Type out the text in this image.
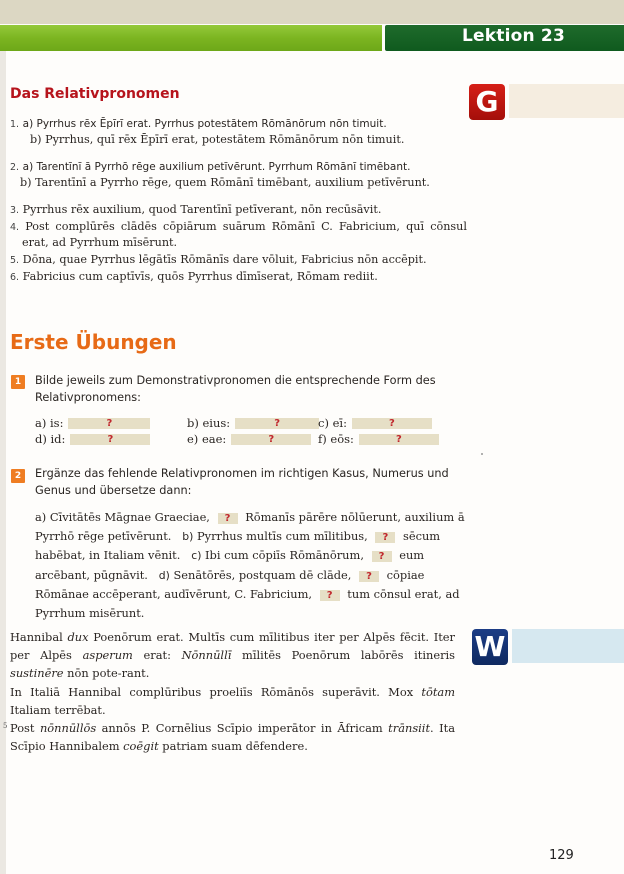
Lektion 23
G
Das Relativpronomen
1. a) Pyrrhus rēx Ēpīrī erat. Pyrrhus potestātem Rōmānōrum nōn timuit.
b) Pyrrhus, quī rēx Ēpīrī erat, potestātem Rōmānōrum nōn timuit.
2. a) Tarentīnī ā Pyrrhō rēge auxilium petīvērunt. Pyrrhum Rōmānī timēbant.
b) Tarentīnī a Pyrrho rēge, quem Rōmānī timēbant, auxilium petīvērunt.
3. Pyrrhus rēx auxilium, quod Tarentīnī petīverant, nōn recūsāvit.
4. Post complūrēs clādēs cōpiārum suārum Rōmānī C. Fabricium, quī cōnsul
erat, ad Pyrrhum mīsērunt.
5. Dōna, quae Pyrrhus lēgātīs Rōmānīs dare vōluit, Fabricius nōn accēpit.
6. Fabricius cum captīvīs, quōs Pyrrhus dīmīserat, Rōmam rediit.
Erste Übungen
1	Bilde jeweils zum Demonstrativpronomen die entsprechende Form des
Relativpronomens:
a) is:	?	b) eius:	?	c) eī:	?
d) id:	?	e) eae:	?	f) eōs:	?
2	Ergänze das fehlende Relativpronomen im richtigen Kasus, Numerus und
Genus und übersetze dann:
a) Cīvitātēs Māgnae Graeciae, ? Rōmanīs pārēre nōlūerunt, auxilium ā
Pyrrhō rēge petīvērunt. b) Pyrrhus multīs cum mīlitibus, ? sēcum
habēbat, in Italiam vēnit. c) Ibi cum cōpiīs Rōmānōrum, ? eum
arcēbant, pūgnāvit. d) Senātōrēs, postquam dē clāde, ? cōpiae
Rōmānae accēperant, audīvērunt, C. Fabricium, ? tum cōnsul erat, ad
Pyrrhum misērunt.
W

Hannibal dux Poenōrum erat. Multīs cum mīlitibus iter per Alpēs fēcit. Iter per Alpēs asperum erat: Nōnnūllī mīlitēs Poenōrum labōrēs itineris sustinēre nōn pote-rant.

In Italiā Hannibal complūribus proeliīs Rōmānōs superāvit. Mox tōtam Italiam terrēbat.

Post nōnnūllōs annōs P. Cornēlius Scīpio imperātor in Āfricam trānsiit. Ita Scīpio Hannibalem coēgit patriam suam dēfendere.

5
129
